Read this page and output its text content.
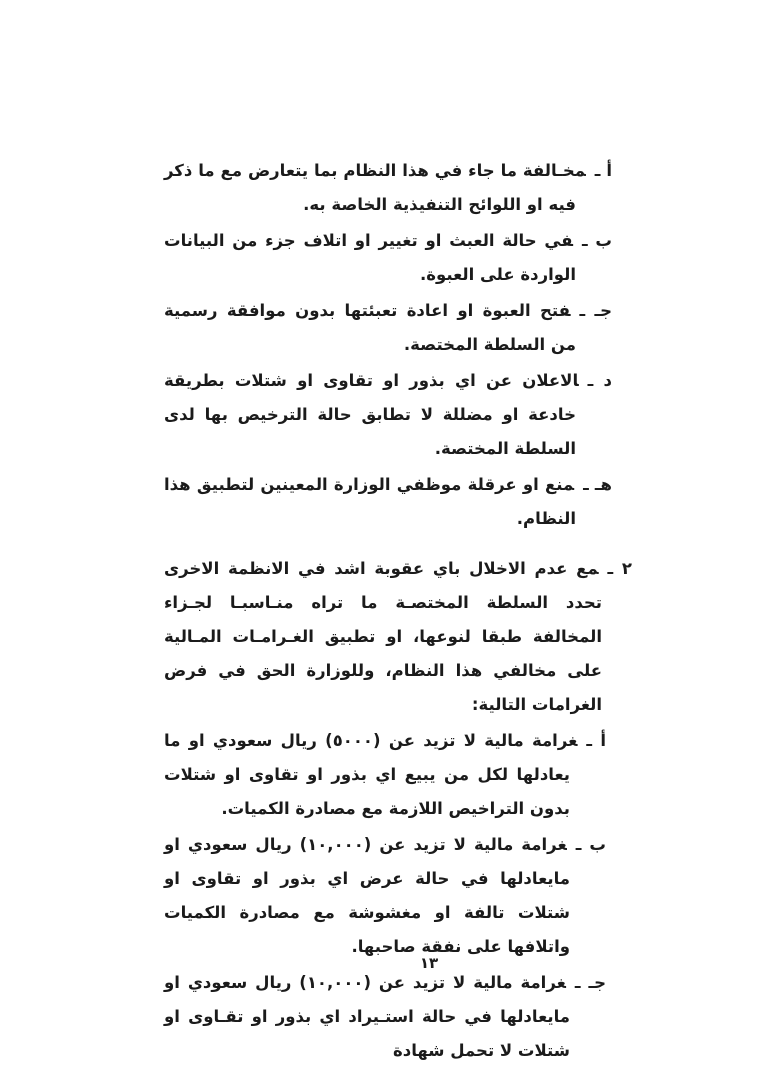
أ ـمخـالفة ما جاء في هذا النظام بما يتعارض مع ما ذكر فيه او اللوائح التنفيذية الخاصة به.
ب ـفي حالة العبث او تغيير او اتلاف جزء من البيانات الواردة على العبوة.
جـ ـفتح العبوة او اعادة تعبئتها بدون موافقة رسمية من السلطة المختصة.
د ـالاعلان عن اي بذور او تقاوى او شتلات بطريقة خادعة او مضللة لا تطابق حالة الترخيص بها لدى السلطة المختصة.
هـ ـمنع او عرقلة موظفي الوزارة المعينين لتطبيق هذا النظام.
٢ ـمع عدم الاخلال باي عقوبة اشد في الانظمة الاخرى تحدد السلطة المختصـة ما تراه منـاسبـا لجـزاء المخالفة طبقا لنوعها، او تطبيق الغـرامـات المـالية على مخالفي هذا النظام، وللوزارة الحق في فرض الغرامات التالية:
أ ـغرامة مالية لا تزيد عن (٥٠٠٠) ريال سعودي او ما يعادلها لكل من يبيع اي بذور او تقاوى او شتلات بدون التراخيص اللازمة مع مصادرة الكميات.
ب ـغرامة مالية لا تزيد عن (١٠,٠٠٠) ريال سعودي او مايعادلها في حالة عرض اي بذور او تقاوى او شتلات تالفة او مغشوشة مع مصادرة الكميات واتلافها على نفقة صاحبها.
جـ ـغرامة مالية لا تزيد عن (١٠,٠٠٠) ريال سعودي او مايعادلها في حالة استـيراد اي بذور او تقـاوى او شتلات لا تحمل شهادة
١٣
